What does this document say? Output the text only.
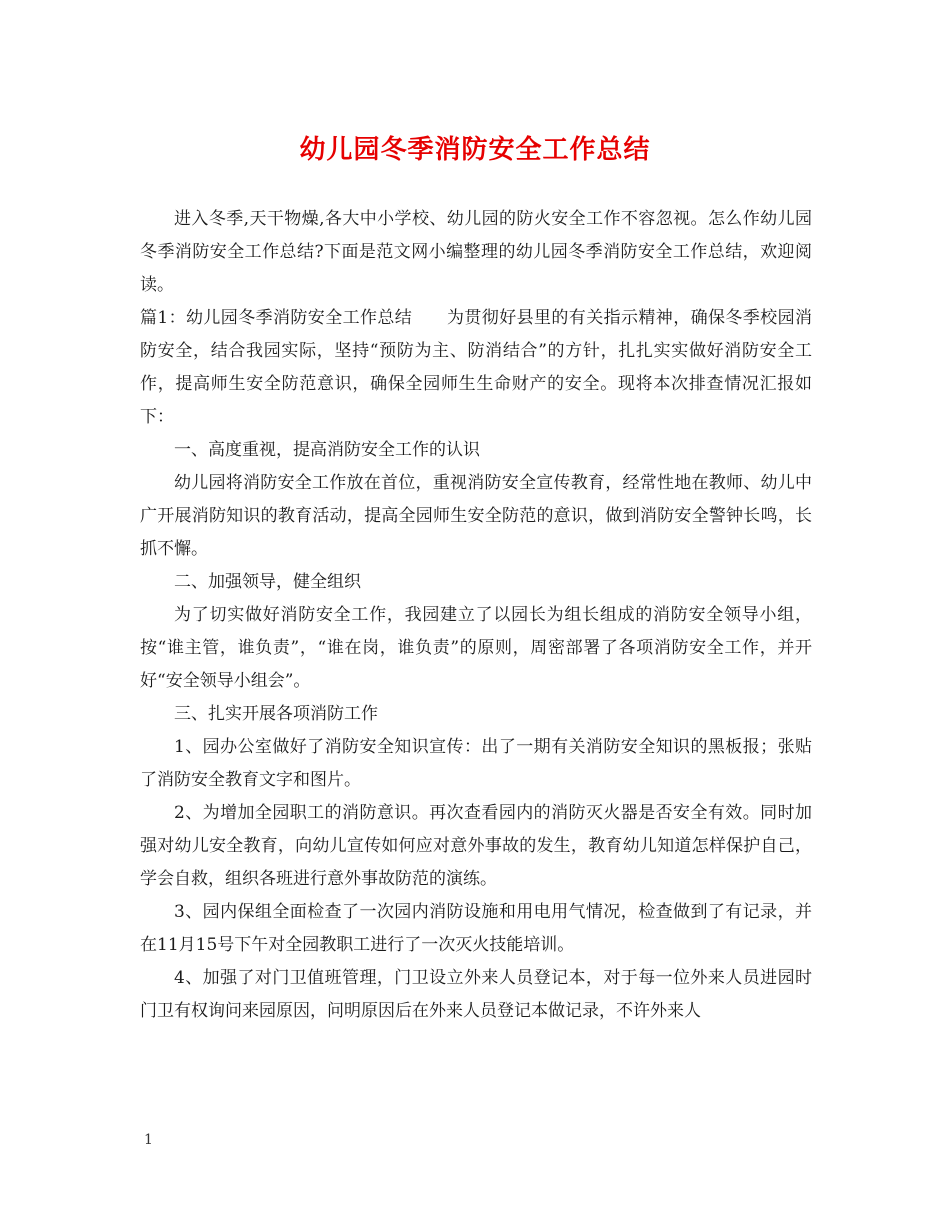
幼儿园冬季消防安全工作总结

进入冬季,天干物燥,各大中小学校、幼儿园的防火安全工作不容忽视。怎么作幼儿园冬季消防安全工作总结?下面是范文网小编整理的幼儿园冬季消防安全工作总结，欢迎阅读。

篇1：幼儿园冬季消防安全工作总结　　为贯彻好县里的有关指示精神，确保冬季校园消防安全，结合我园实际，坚持“预防为主、防消结合”的方针，扎扎实实做好消防安全工作，提高师生安全防范意识，确保全园师生生命财产的安全。现将本次排查情况汇报如下：

一、高度重视，提高消防安全工作的认识

幼儿园将消防安全工作放在首位，重视消防安全宣传教育，经常性地在教师、幼儿中广开展消防知识的教育活动，提高全园师生安全防范的意识，做到消防安全警钟长鸣，长抓不懈。

二、加强领导，健全组织

为了切实做好消防安全工作，我园建立了以园长为组长组成的消防安全领导小组，按“谁主管，谁负责”，“谁在岗，谁负责”的原则，周密部署了各项消防安全工作，并开好“安全领导小组会”。

三、扎实开展各项消防工作

1、园办公室做好了消防安全知识宣传：出了一期有关消防安全知识的黑板报；张贴了消防安全教育文字和图片。

2、为增加全园职工的消防意识。再次查看园内的消防灭火器是否安全有效。同时加强对幼儿安全教育，向幼儿宣传如何应对意外事故的发生，教育幼儿知道怎样保护自己，学会自救，组织各班进行意外事故防范的演练。

3、园内保组全面检查了一次园内消防设施和用电用气情况，检查做到了有记录，并在11月15号下午对全园教职工进行了一次灭火技能培训。

4、加强了对门卫值班管理，门卫设立外来人员登记本，对于每一位外来人员进园时门卫有权询问来园原因，问明原因后在外来人员登记本做记录，不许外来人

1
